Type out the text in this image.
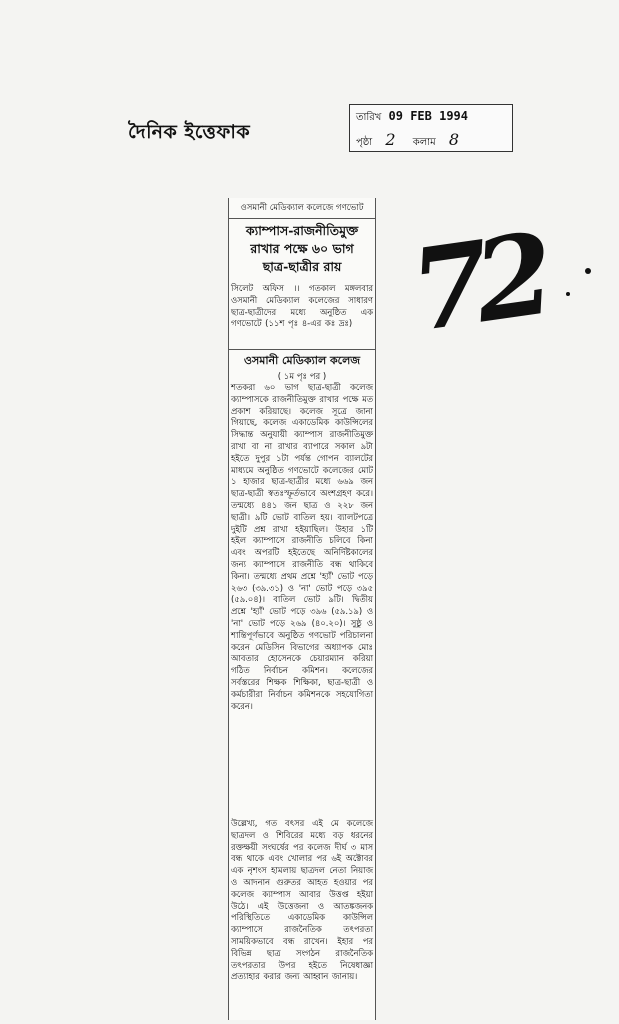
দৈনিক ইত্তেফাক
তারিখ 09 FEB 1994
পৃষ্ঠা 2 কলাম 8
72
ওসমানী মেডিক্যাল কলেজে গণভোট
ক্যাম্পাস-রাজনীতিমুক্ত
রাখার পক্ষে ৬০ ভাগ
ছাত্র-ছাত্রীর রায়

সিলেট অফিস ।। গতকাল মঙ্গলবার ওসমানী মেডিক্যাল কলেজের সাধারণ ছাত্র-ছাত্রীদের মধ্যে অনুষ্ঠিত এক গণভোটে (১১শ পৃঃ ৪-এর কঃ দ্রঃ)

ওসমানী মেডিক্যাল কলেজ
( ১ম পৃঃ পর )

শতকরা ৬০ ভাগ ছাত্র-ছাত্রী কলেজ ক্যাম্পাসকে রাজনীতিমুক্ত রাখার পক্ষে মত প্রকাশ করিয়াছে। কলেজ সূত্রে জানা গিয়াছে, কলেজ একাডেমিক কাউন্সিলের সিদ্ধান্ত অনুযায়ী ক্যাম্পাস রাজনীতিমুক্ত রাখা বা না রাখার ব্যাপারে সকাল ৯টা হইতে দুপুর ১টা পর্যন্ত গোপন ব্যালটের মাধ্যমে অনুষ্ঠিত গণভোটে কলেজের মোট ১ হাজার ছাত্র-ছাত্রীর মধ্যে ৬৬৯ জন ছাত্র-ছাত্রী স্বতঃস্ফূর্তভাবে অংশগ্রহণ করে। তন্মধ্যে ৪৪১ জন ছাত্র ও ২২৮ জন ছাত্রী। ৯টি ভোট বাতিল হয়। ব্যালটপত্রে দুইটি প্রশ্ন রাখা হইয়াছিল। উহার ১টি হইল ক্যাম্পাসে রাজনীতি চলিবে কিনা এবং অপরটি হইতেছে অনির্দিষ্টকালের জন্য ক্যাম্পাসে রাজনীতি বন্ধ থাকিবে কিনা। তন্মধ্যে প্রথম প্রশ্নে 'হ্যাঁ' ভোট পড়ে ২৬৩ (৩৯.৩১) ও 'না' ভোট পড়ে ৩৯৫ (৫৯.০৪)। বাতিল ভোট ৯টি। দ্বিতীয় প্রশ্নে 'হ্যাঁ' ভোট পড়ে ৩৯৬ (৫৯.১৯) ও 'না' ভোট পড়ে ২৬৯ (৪০.২০)। সুষ্ঠু ও শান্তিপূর্ণভাবে অনুষ্ঠিত গণভোট পরিচালনা করেন মেডিসিন বিভাগের অধ্যাপক মোঃ আবতার হোসেনকে চেয়ারম্যান করিয়া গঠিত নির্বাচন কমিশন। কলেজের সর্বস্তরের শিক্ষক শিক্ষিকা, ছাত্র-ছাত্রী ও কর্মচারীরা নির্বাচন কমিশনকে সহযোগিতা করেন।

উল্লেখ্য, গত বৎসর এই মে কলেজে ছাত্রদল ও শিবিরের মধ্যে বড় ধরনের রক্তক্ষয়ী সংঘর্ষের পর কলেজ দীর্ঘ ৩ মাস বন্ধ থাকে এবং খোলার পর ৬ই অক্টোবর এক নৃশংস হামলায় ছাত্রদল নেতা নিয়াজ ও আদনান গুরুতর আহত হওয়ার পর কলেজ ক্যাম্পাস আবার উত্তপ্ত হইয়া উঠে। এই উত্তেজনা ও আতঙ্কজনক পরিস্থিতিতে একাডেমিক কাউন্সিল ক্যাম্পাসে রাজনৈতিক তৎপরতা সাময়িকভাবে বন্ধ রাখেন। ইহার পর বিভিন্ন ছাত্র সংগঠন রাজনৈতিক তৎপরতার উপর হইতে নিষেধাজ্ঞা প্রত্যাহার করার জন্য আহ্বান জানায়।
